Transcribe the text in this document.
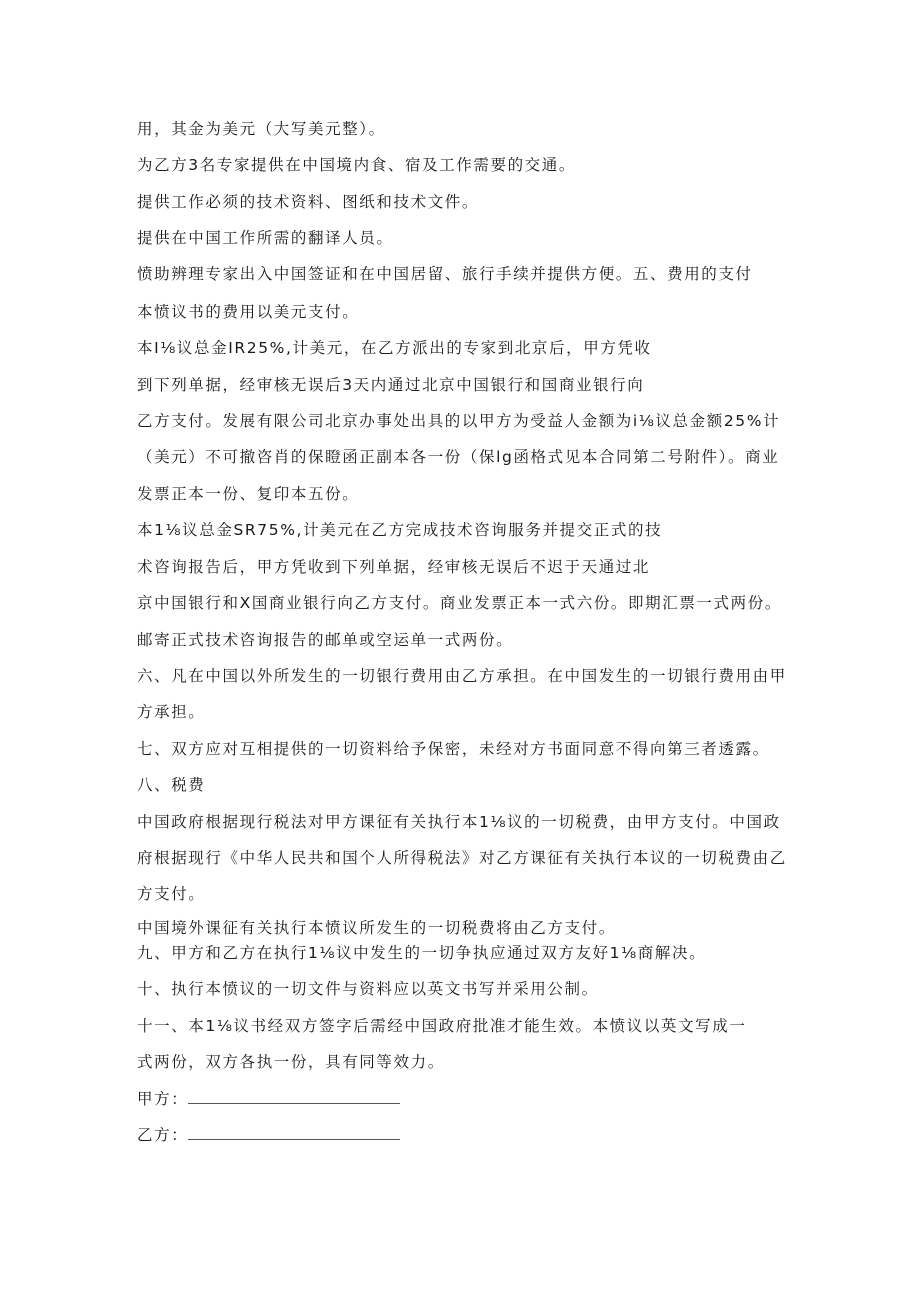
用，其金为美元（大写美元整）。
为乙方3名专家提供在中国境内食、宿及工作需要的交通。
提供工作必须的技术资料、图纸和技术文件。
提供在中国工作所需的翻译人员。
愤助辨理专家出入中国签证和在中国居留、旅行手续并提供方便。五、费用的支付
本愤议书的费用以美元支付。
本I⅛议总金IR25%,计美元，在乙方派出的专家到北京后，甲方凭收
到下列单据，经审核无误后3天内通过北京中国银行和国商业银行向
乙方支付。发展有限公司北京办事处出具的以甲方为受益人金额为i⅛议总金额25%计
（美元）不可撤咨肖的保瞪函正副本各一份（保lg函格式见本合同第二号附件）。商业
发票正本一份、复印本五份。
本1⅛议总金SR75%,计美元在乙方完成技术咨询服务并提交正式的技
术咨询报告后，甲方凭收到下列单据，经审核无误后不迟于天通过北
京中国银行和X国商业银行向乙方支付。商业发票正本一式六份。即期汇票一式两份。
邮寄正式技术咨询报告的邮单或空运单一式两份。
六、凡在中国以外所发生的一切银行费用由乙方承担。在中国发生的一切银行费用由甲
方承担。
七、双方应对互相提供的一切资料给予保密，未经对方书面同意不得向第三者透露。
八、税费
中国政府根据现行税法对甲方课征有关执行本1⅛议的一切税费，由甲方支付。中国政
府根据现行《中华人民共和国个人所得税法》对乙方课征有关执行本议的一切税费由乙
方支付。
中国境外课征有关执行本愤议所发生的一切税费将由乙方支付。
九、甲方和乙方在执行1⅛议中发生的一切争执应通过双方友好1⅛商解决。
十、执行本愤议的一切文件与资料应以英文书写并采用公制。
十一、本1⅛议书经双方签字后需经中国政府批准才能生效。本愤议以英文写成一
式两份，双方各执一份，具有同等效力。
甲方：
乙方：
